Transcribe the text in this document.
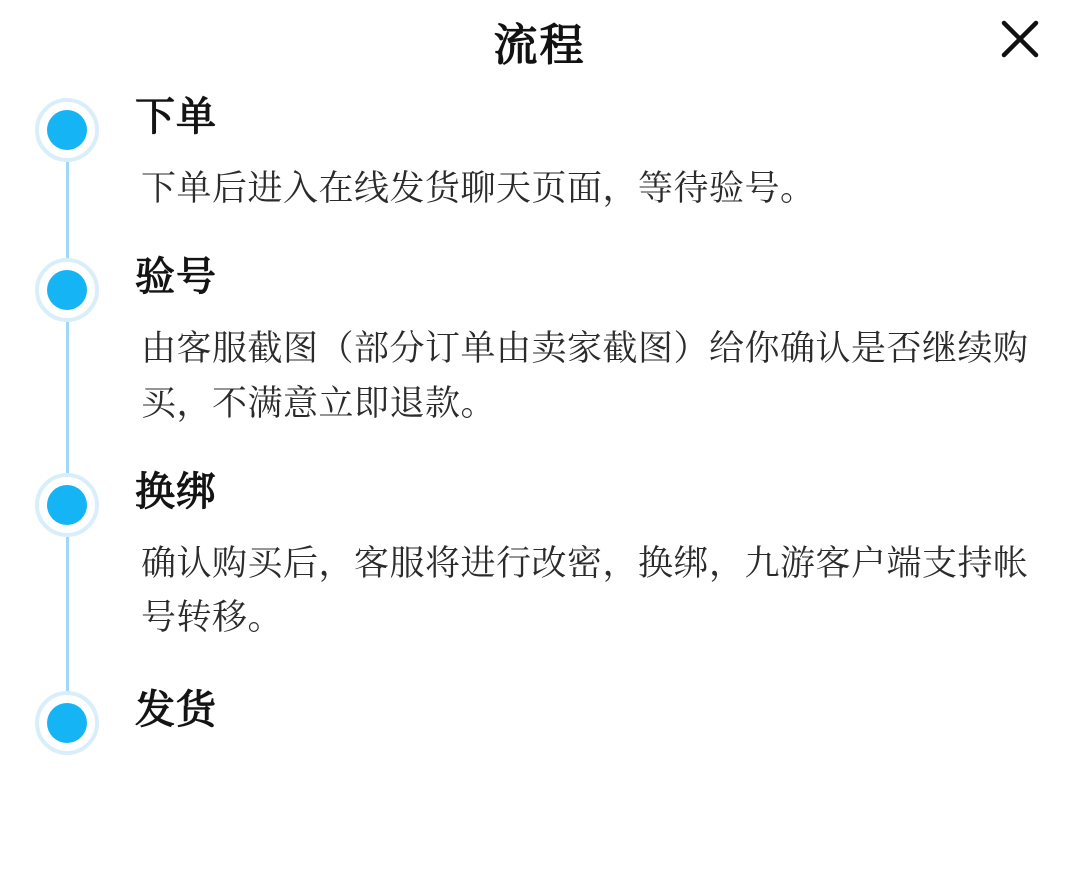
流程
下单
下单后进入在线发货聊天页面，等待验号。
验号
由客服截图（部分订单由卖家截图）给你确认是否继续购买，不满意立即退款。
换绑
确认购买后，客服将进行改密，换绑，九游客户端支持帐号转移。
发货
